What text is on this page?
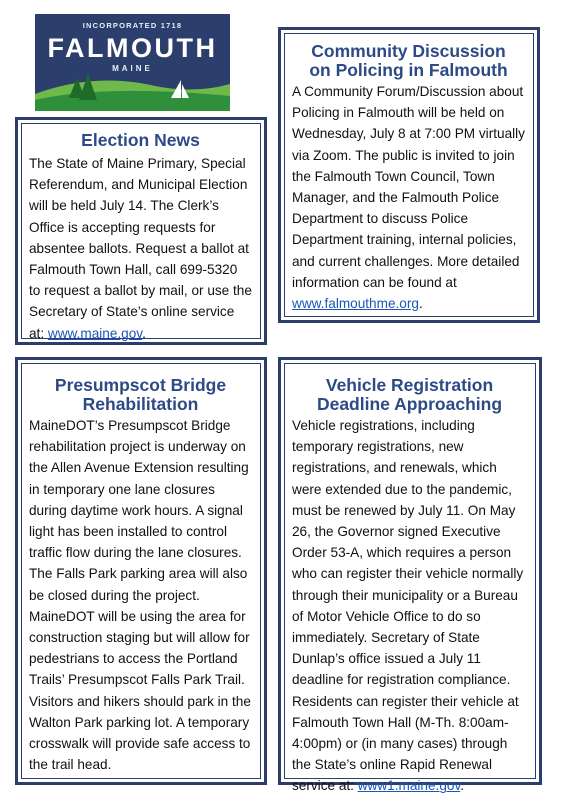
INCORPORATED 1718
FALMOUTH
MAINE
Election News

The State of Maine Primary, Special Referendum, and Municipal Election will be held July 14. The Clerk’s Office is accepting requests for absentee ballots. Request a ballot at Falmouth Town Hall, call 699-5320 to request a ballot by mail, or use the Secretary of State’s online service at: www.maine.gov.

Community Discussion
on Policing in Falmouth

A Community Forum/Discussion about Policing in Falmouth will be held on Wednesday, July 8 at 7:00 PM virtually via Zoom. The public is invited to join the Falmouth Town Council, Town Manager, and the Falmouth Police Department to discuss Police Department training, internal policies, and current challenges. More detailed information can be found at www.falmouthme.org.

Presumpscot Bridge
Rehabilitation

MaineDOT’s Presumpscot Bridge rehabilitation project is underway on the Allen Avenue Extension resulting in temporary one lane closures during daytime work hours. A signal light has been installed to control traffic flow during the lane closures. The Falls Park parking area will also be closed during the project. MaineDOT will be using the area for construction staging but will allow for pedestrians to access the Portland Trails’ Presumpscot Falls Park Trail. Visitors and hikers should park in the Walton Park parking lot. A temporary crosswalk will provide safe access to the trail head.

Vehicle Registration
Deadline Approaching

Vehicle registrations, including temporary registrations, new registrations, and renewals, which were extended due to the pandemic, must be renewed by July 11. On May 26, the Governor signed Executive Order 53-A, which requires a person who can register their vehicle normally through their municipality or a Bureau of Motor Vehicle Office to do so immediately. Secretary of State Dunlap’s office issued a July 11 deadline for registration compliance. Residents can register their vehicle at Falmouth Town Hall (M-Th. 8:00am-4:00pm) or (in many cases) through the State’s online Rapid Renewal service at: www1.maine.gov.
